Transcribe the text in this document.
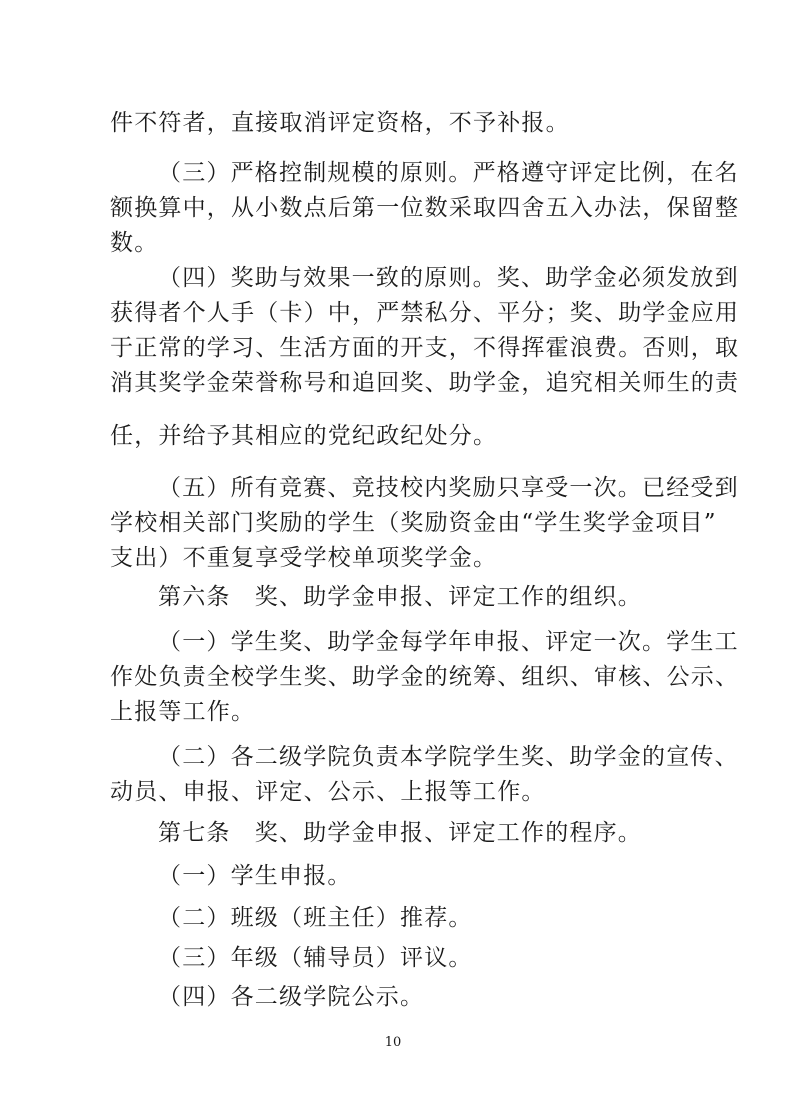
件不符者，直接取消评定资格，不予补报。
（三）严格控制规模的原则。严格遵守评定比例，在名
额换算中，从小数点后第一位数采取四舍五入办法，保留整
数。
（四）奖助与效果一致的原则。奖、助学金必须发放到
获得者个人手（卡）中，严禁私分、平分；奖、助学金应用
于正常的学习、生活方面的开支，不得挥霍浪费。否则，取
消其奖学金荣誉称号和追回奖、助学金，追究相关师生的责
任，并给予其相应的党纪政纪处分。
（五）所有竞赛、竞技校内奖励只享受一次。已经受到
学校相关部门奖励的学生（奖励资金由“学生奖学金项目”
支出）不重复享受学校单项奖学金。
第六条　奖、助学金申报、评定工作的组织。
（一）学生奖、助学金每学年申报、评定一次。学生工
作处负责全校学生奖、助学金的统筹、组织、审核、公示、
上报等工作。
（二）各二级学院负责本学院学生奖、助学金的宣传、
动员、申报、评定、公示、上报等工作。
第七条　奖、助学金申报、评定工作的程序。
（一）学生申报。
（二）班级（班主任）推荐。
（三）年级（辅导员）评议。
（四）各二级学院公示。
10
